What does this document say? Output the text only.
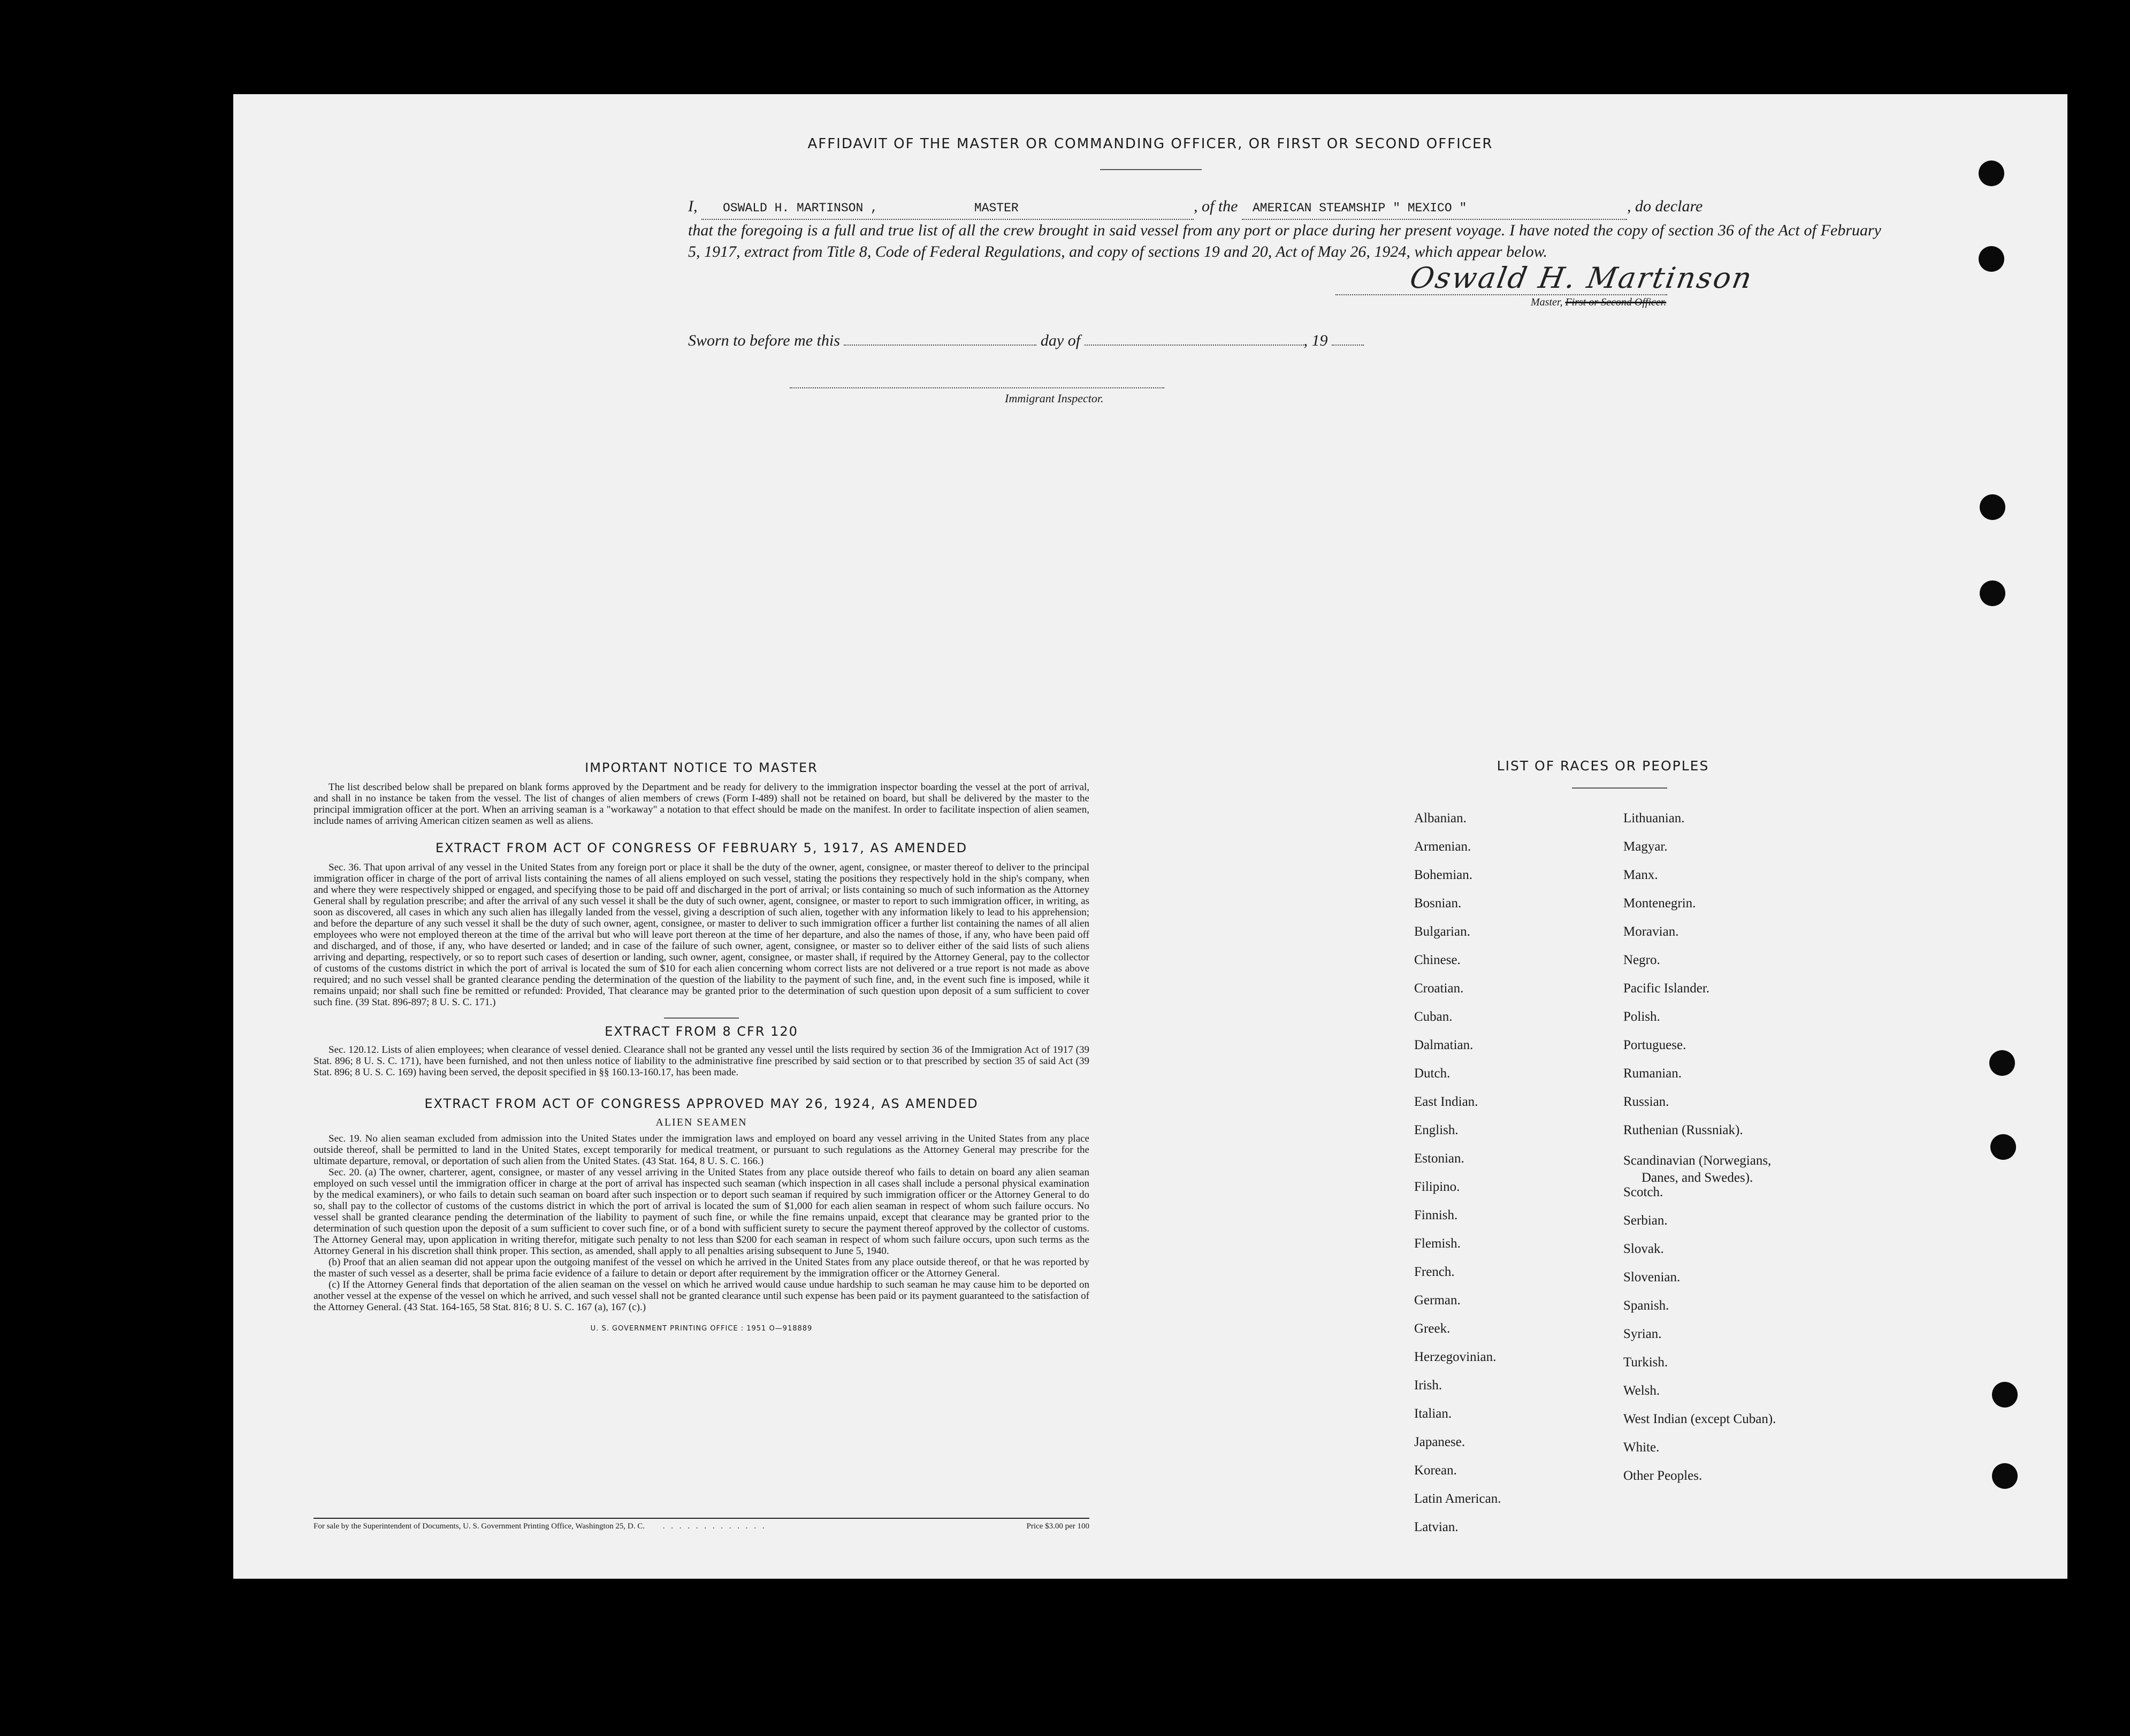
AFFIDAVIT OF THE MASTER OR COMMANDING OFFICER, OR FIRST OR SECOND OFFICER
I, OSWALD H. MARTINSON ,	MASTER	, of the AMERICAN STEAMSHIP " MEXICO "	, do declare
that the foregoing is a full and true list of all the crew brought in said vessel from any port or place during her present voyage. I have noted the copy of section 36 of the Act of February 5, 1917, extract from Title 8, Code of Federal Regulations, and copy of sections 19 and 20, Act of May 26, 1924, which appear below.
Oswald H. Martinson
Master, First or Second Officer.
Sworn to before me this	day of	, 19
Immigrant Inspector.
IMPORTANT NOTICE TO MASTER
The list described below shall be prepared on blank forms approved by the Department and be ready for delivery to the immigration inspector boarding the vessel at the port of arrival, and shall in no instance be taken from the vessel. The list of changes of alien members of crews (Form I-489) shall not be retained on board, but shall be delivered by the master to the principal immigration officer at the port. When an arriving seaman is a "workaway" a notation to that effect should be made on the manifest. In order to facilitate inspection of alien seamen, include names of arriving American citizen seamen as well as aliens.
EXTRACT FROM ACT OF CONGRESS OF FEBRUARY 5, 1917, AS AMENDED
Sec. 36. That upon arrival of any vessel in the United States from any foreign port or place it shall be the duty of the owner, agent, consignee, or master thereof to deliver to the principal immigration officer in charge of the port of arrival lists containing the names of all aliens employed on such vessel, stating the positions they respectively hold in the ship's company, when and where they were respectively shipped or engaged, and specifying those to be paid off and discharged in the port of arrival; or lists containing so much of such information as the Attorney General shall by regulation prescribe; and after the arrival of any such vessel it shall be the duty of such owner, agent, consignee, or master to report to such immigration officer, in writing, as soon as discovered, all cases in which any such alien has illegally landed from the vessel, giving a description of such alien, together with any information likely to lead to his apprehension; and before the departure of any such vessel it shall be the duty of such owner, agent, consignee, or master to deliver to such immigration officer a further list containing the names of all alien employees who were not employed thereon at the time of the arrival but who will leave port thereon at the time of her departure, and also the names of those, if any, who have been paid off and discharged, and of those, if any, who have deserted or landed; and in case of the failure of such owner, agent, consignee, or master so to deliver either of the said lists of such aliens arriving and departing, respectively, or so to report such cases of desertion or landing, such owner, agent, consignee, or master shall, if required by the Attorney General, pay to the collector of customs of the customs district in which the port of arrival is located the sum of $10 for each alien concerning whom correct lists are not delivered or a true report is not made as above required; and no such vessel shall be granted clearance pending the determination of the question of the liability to the payment of such fine, and, in the event such fine is imposed, while it remains unpaid; nor shall such fine be remitted or refunded: Provided, That clearance may be granted prior to the determination of such question upon deposit of a sum sufficient to cover such fine. (39 Stat. 896-897; 8 U. S. C. 171.)
EXTRACT FROM 8 CFR 120
Sec. 120.12. Lists of alien employees; when clearance of vessel denied. Clearance shall not be granted any vessel until the lists required by section 36 of the Immigration Act of 1917 (39 Stat. 896; 8 U. S. C. 171), have been furnished, and not then unless notice of liability to the administrative fine prescribed by said section or to that prescribed by section 35 of said Act (39 Stat. 896; 8 U. S. C. 169) having been served, the deposit specified in §§ 160.13-160.17, has been made.
EXTRACT FROM ACT OF CONGRESS APPROVED MAY 26, 1924, AS AMENDED
ALIEN SEAMEN
Sec. 19. No alien seaman excluded from admission into the United States under the immigration laws and employed on board any vessel arriving in the United States from any place outside thereof, shall be permitted to land in the United States, except temporarily for medical treatment, or pursuant to such regulations as the Attorney General may prescribe for the ultimate departure, removal, or deportation of such alien from the United States. (43 Stat. 164, 8 U. S. C. 166.)
Sec. 20. (a) The owner, charterer, agent, consignee, or master of any vessel arriving in the United States from any place outside thereof who fails to detain on board any alien seaman employed on such vessel until the immigration officer in charge at the port of arrival has inspected such seaman (which inspection in all cases shall include a personal physical examination by the medical examiners), or who fails to detain such seaman on board after such inspection or to deport such seaman if required by such immigration officer or the Attorney General to do so, shall pay to the collector of customs of the customs district in which the port of arrival is located the sum of $1,000 for each alien seaman in respect of whom such failure occurs. No vessel shall be granted clearance pending the determination of the liability to payment of such fine, or while the fine remains unpaid, except that clearance may be granted prior to the determination of such question upon the deposit of a sum sufficient to cover such fine, or of a bond with sufficient surety to secure the payment thereof approved by the collector of customs. The Attorney General may, upon application in writing therefor, mitigate such penalty to not less than $200 for each seaman in respect of whom such failure occurs, upon such terms as the Attorney General in his discretion shall think proper. This section, as amended, shall apply to all penalties arising subsequent to June 5, 1940.
(b) Proof that an alien seaman did not appear upon the outgoing manifest of the vessel on which he arrived in the United States from any place outside thereof, or that he was reported by the master of such vessel as a deserter, shall be prima facie evidence of a failure to detain or deport after requirement by the immigration officer or the Attorney General.
(c) If the Attorney General finds that deportation of the alien seaman on the vessel on which he arrived would cause undue hardship to such seaman he may cause him to be deported on another vessel at the expense of the vessel on which he arrived, and such vessel shall not be granted clearance until such expense has been paid or its payment guaranteed to the satisfaction of the Attorney General. (43 Stat. 164-165, 58 Stat. 816; 8 U. S. C. 167 (a), 167 (c).)
U. S. GOVERNMENT PRINTING OFFICE : 1951 O—918889
For sale by the Superintendent of Documents, U. S. Government Printing Office, Washington 25, D. C. . . . . . . . . . . . . .	Price $3.00 per 100
LIST OF RACES OR PEOPLES
Albanian.
Armenian.
Bohemian.
Bosnian.
Bulgarian.
Chinese.
Croatian.
Cuban.
Dalmatian.
Dutch.
East Indian.
English.
Estonian.
Filipino.
Finnish.
Flemish.
French.
German.
Greek.
Herzegovinian.
Irish.
Italian.
Japanese.
Korean.
Latin American.
Latvian.
Lithuanian.
Magyar.
Manx.
Montenegrin.
Moravian.
Negro.
Pacific Islander.
Polish.
Portuguese.
Rumanian.
Russian.
Ruthenian (Russniak).
Scandinavian (Norwegians,
Danes, and Swedes).
Scotch.
Serbian.
Slovak.
Slovenian.
Spanish.
Syrian.
Turkish.
Welsh.
West Indian (except Cuban).
White.
Other Peoples.
